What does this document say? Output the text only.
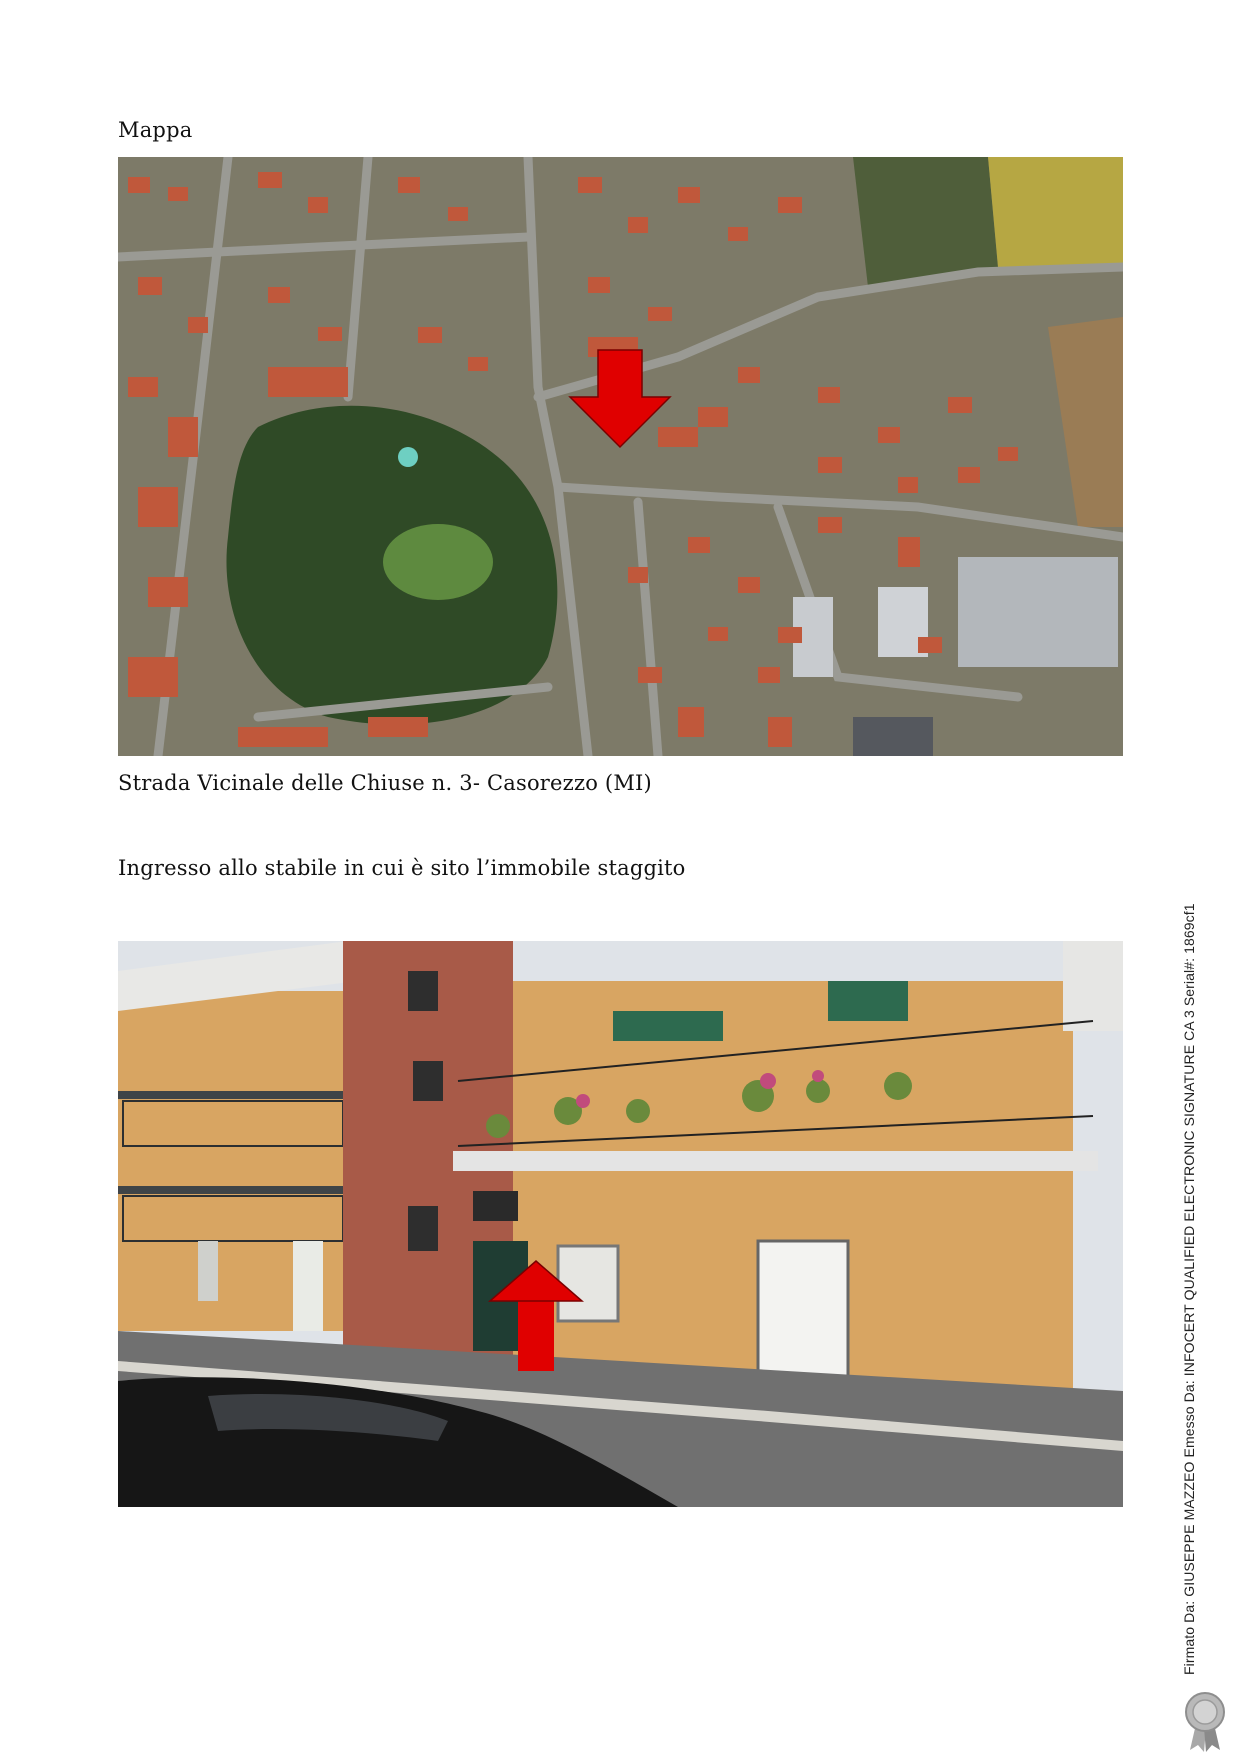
Mappa
Strada Vicinale delle Chiuse n. 3- Casorezzo (MI)
Ingresso allo stabile in cui è sito l’immobile staggito
Firmato Da: GIUSEPPE MAZZEO Emesso Da: INFOCERT QUALIFIED ELECTRONIC SIGNATURE CA 3 Serial#: 1869cf1
